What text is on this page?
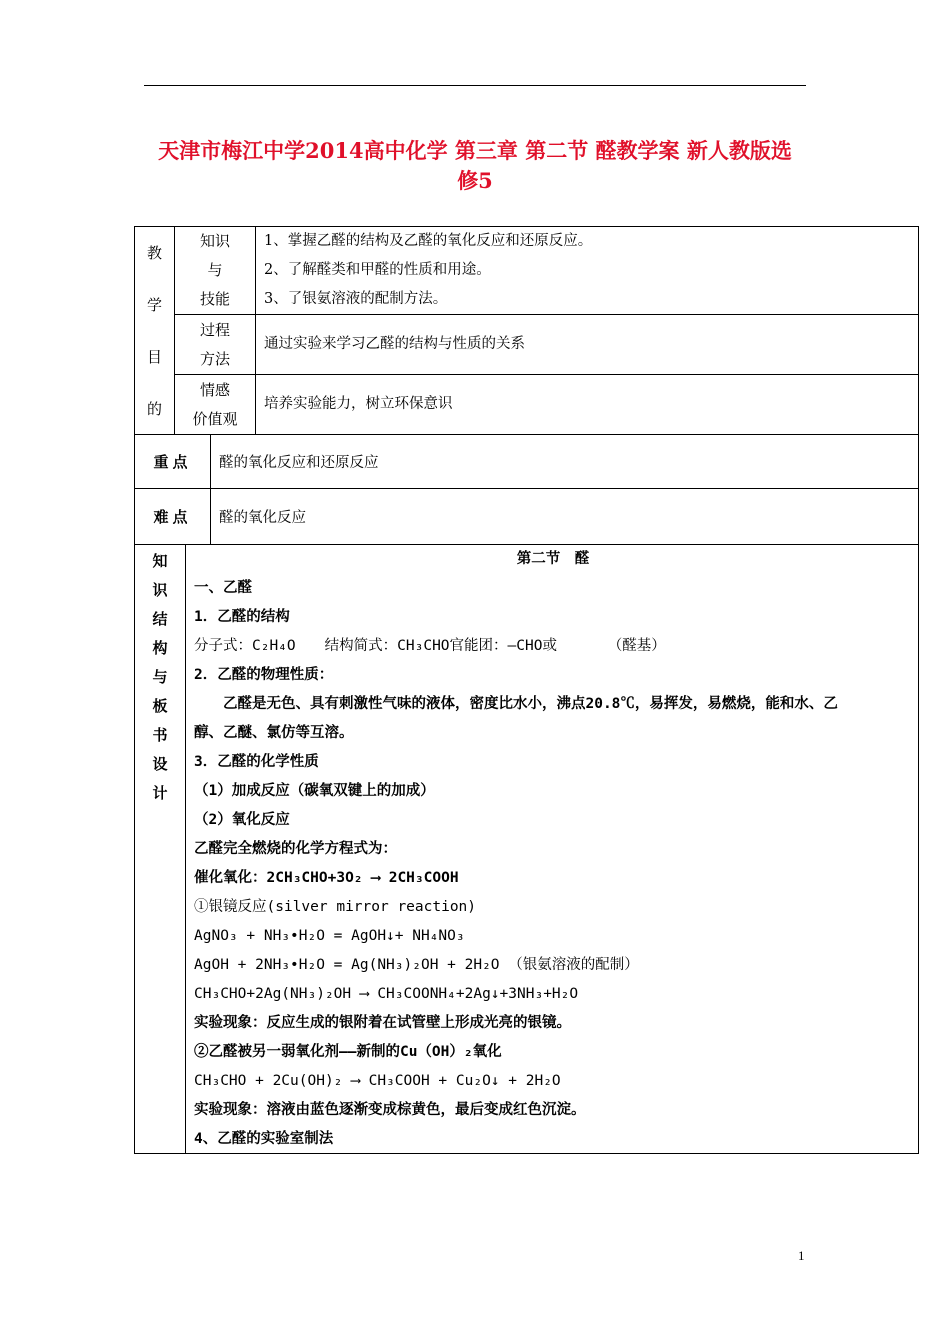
天津市梅江中学2014高中化学 第三章 第二节 醛教学案 新人教版选
修5
教
学
目
的
知识
与
技能
1、掌握乙醛的结构及乙醛的氧化反应和还原反应。
2、了解醛类和甲醛的性质和用途。
3、了银氨溶液的配制方法。
过程
方法
通过实验来学习乙醛的结构与性质的关系
情感
价值观
培养实验能力，树立环保意识
重点	醛的氧化反应和还原反应
难点	醛的氧化反应
知
识
结
构
与
板
书
设
计
第二节　醛
一、乙醛
1．乙醛的结构
分子式：C₂H₄O　　结构简式：CH₃CHO官能团：—CHO或　　　　（醛基）
2．乙醛的物理性质：
　　乙醛是无色、具有刺激性气味的液体，密度比水小，沸点20.8℃，易挥发，易燃烧，能和水、乙
醇、乙醚、氯仿等互溶。
3．乙醛的化学性质
（1）加成反应（碳氧双键上的加成）
（2）氧化反应
乙醛完全燃烧的化学方程式为：
催化氧化：2CH₃CHO+3O₂ ⟶ 2CH₃COOH
①银镜反应(silver mirror reaction)
AgNO₃ + NH₃•H₂O = AgOH↓+ NH₄NO₃
AgOH + 2NH₃•H₂O = Ag(NH₃)₂OH + 2H₂O （银氨溶液的配制）
CH₃CHO+2Ag(NH₃)₂OH ⟶ CH₃COONH₄+2Ag↓+3NH₃+H₂O
实验现象：反应生成的银附着在试管壁上形成光亮的银镜。
②乙醛被另一弱氧化剂——新制的Cu（OH）₂氧化
CH₃CHO + 2Cu(OH)₂ ⟶ CH₃COOH + Cu₂O↓ + 2H₂O
实验现象：溶液由蓝色逐渐变成棕黄色，最后变成红色沉淀。
4、乙醛的实验室制法
1
